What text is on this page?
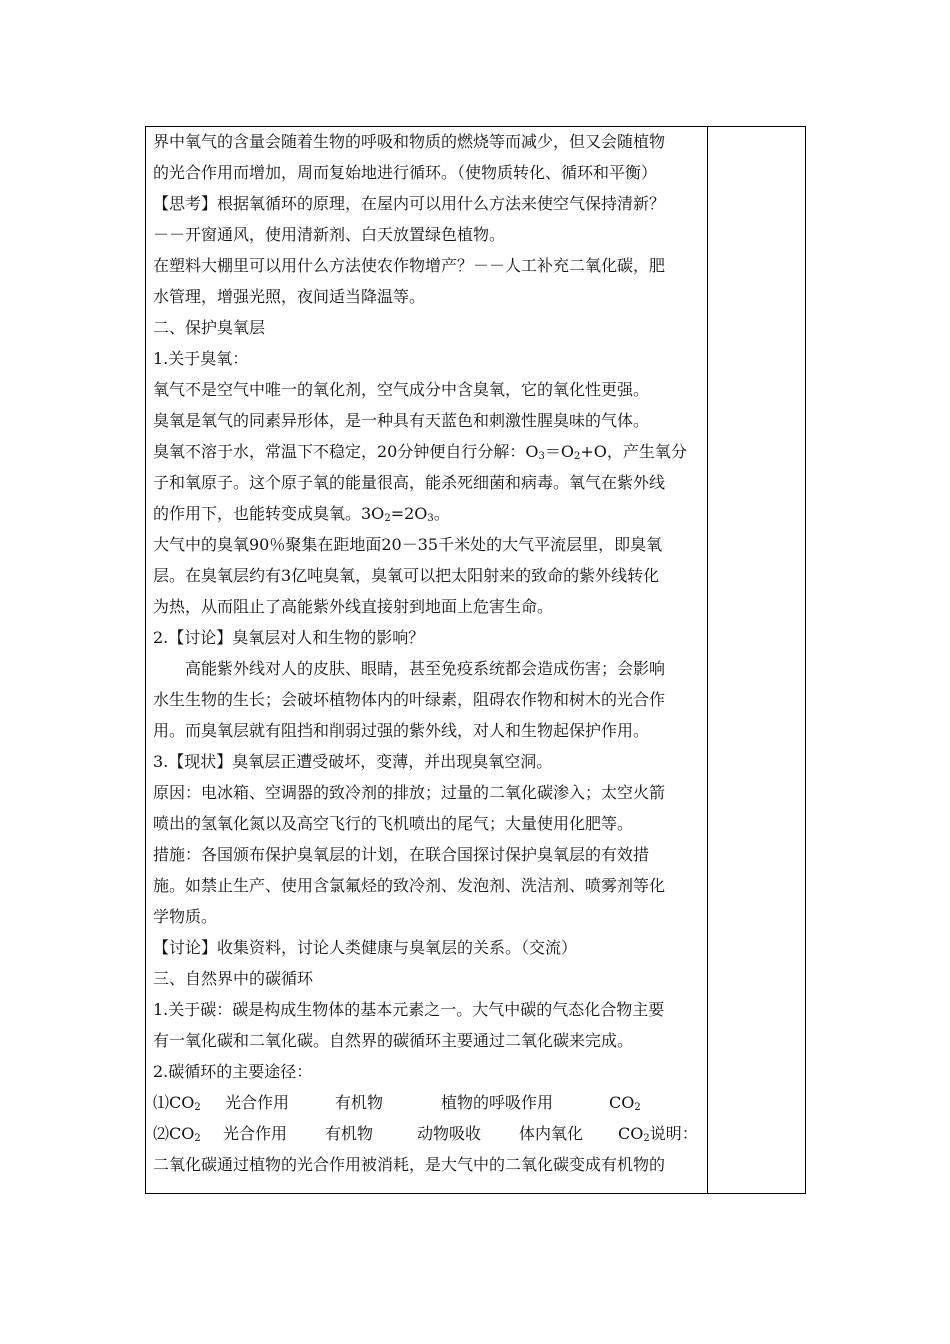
界中氧气的含量会随着生物的呼吸和物质的燃烧等而减少，但又会随植物
的光合作用而增加，周而复始地进行循环。（使物质转化、循环和平衡）
【思考】根据氧循环的原理，在屋内可以用什么方法来使空气保持清新？
－－开窗通风，使用清新剂、白天放置绿色植物。
在塑料大棚里可以用什么方法使农作物增产？－－人工补充二氧化碳，肥
水管理，增强光照，夜间适当降温等。
二、保护臭氧层
1.关于臭氧：
氧气不是空气中唯一的氧化剂，空气成分中含臭氧，它的氧化性更强。
臭氧是氧气的同素异形体，是一种具有天蓝色和刺激性腥臭味的气体。
臭氧不溶于水，常温下不稳定，20分钟便自行分解：$O_3=O_2+O$，产生氧分
子和氧原子。这个原子氧的能量很高，能杀死细菌和病毒。氧气在紫外线
的作用下，也能转变成臭氧。$3O_2=2O_3$。
大气中的臭氧90％聚集在距地面20－35千米处的大气平流层里，即臭氧
层。在臭氧层约有3亿吨臭氧，臭氧可以把太阳射来的致命的紫外线转化
为热，从而阻止了高能紫外线直接射到地面上危害生命。
2.【讨论】臭氧层对人和生物的影响？
　　高能紫外线对人的皮肤、眼睛，甚至免疫系统都会造成伤害；会影响
水生生物的生长；会破坏植物体内的叶绿素，阻碍农作物和树木的光合作
用。而臭氧层就有阻挡和削弱过强的紫外线，对人和生物起保护作用。
3.【现状】臭氧层正遭受破坏，变薄，并出现臭氧空洞。
原因：电冰箱、空调器的致冷剂的排放；过量的二氧化碳渗入；太空火箭
喷出的氢氧化氮以及高空飞行的飞机喷出的尾气；大量使用化肥等。
措施：各国颁布保护臭氧层的计划，在联合国探讨保护臭氧层的有效措
施。如禁止生产、使用含氯氟烃的致冷剂、发泡剂、洗洁剂、喷雾剂等化
学物质。
【讨论】收集资料，讨论人类健康与臭氧层的关系。（交流）
三、自然界中的碳循环
1.关于碳：碳是构成生物体的基本元素之一。大气中碳的气态化合物主要
有一氧化碳和二氧化碳。自然界的碳循环主要通过二氧化碳来完成。
2.碳循环的主要途径：
$⑴CO_2$ 光合作用	有机物	植物的呼吸作用	$CO_2$
$⑵CO_2$ 光合作用 有机物	动物吸收 体内氧化 $CO_2$说明：
二氧化碳通过植物的光合作用被消耗，是大气中的二氧化碳变成有机物的
